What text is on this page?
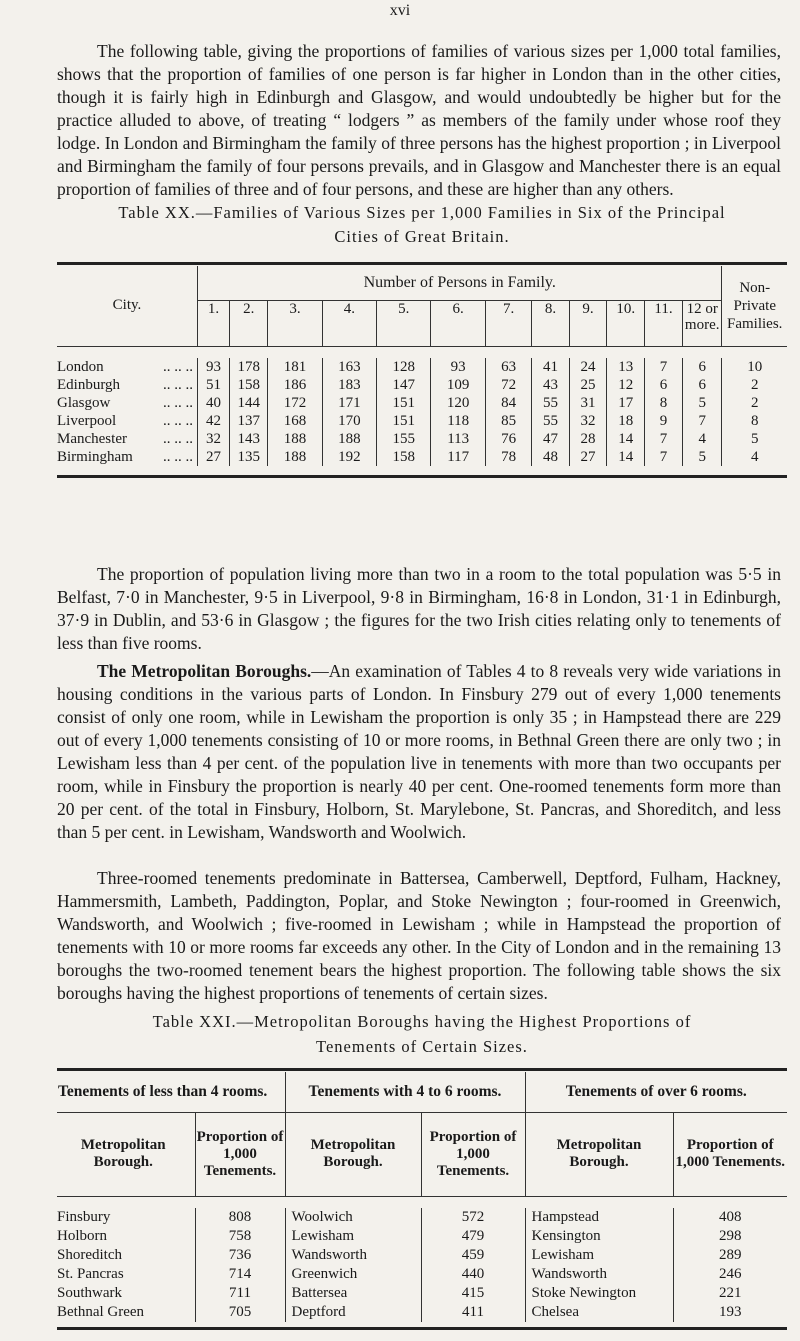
xvi

The following table, giving the proportions of families of various sizes per 1,000 total families, shows that the proportion of families of one person is far higher in London than in the other cities, though it is fairly high in Edinburgh and Glasgow, and would undoubtedly be higher but for the practice alluded to above, of treating “ lodgers ” as members of the family under whose roof they lodge. In London and Birmingham the family of three persons has the highest proportion ; in Liverpool and Birmingham the family of four persons prevails, and in Glasgow and Manchester there is an equal proportion of families of three and of four persons, and these are higher than any others.

Table XX.—Families of Various Sizes per 1,000 Families in Six of the Principal
Cities of Great Britain.
City.	Number of Persons in Family.												Non-Private Families.
	1.	2.	3.	4.	5.	6.	7.	8.	9.	10.	11.	12 or more.	

London .. .. ..	93	178	181	163	128	93	63	41	24	13	7	6	10
Edinburgh .. .. ..	51	158	186	183	147	109	72	43	25	12	6	6	2
Glasgow .. .. ..	40	144	172	171	151	120	84	55	31	17	8	5	2
Liverpool .. .. ..	42	137	168	170	151	118	85	55	32	18	9	7	8
Manchester .. .. ..	32	143	188	188	155	113	76	47	28	14	7	4	5
Birmingham .. .. ..	27	135	188	192	158	117	78	48	27	14	7	5	4

The proportion of population living more than two in a room to the total population was 5·5 in Belfast, 7·0 in Manchester, 9·5 in Liverpool, 9·8 in Birmingham, 16·8 in London, 31·1 in Edinburgh, 37·9 in Dublin, and 53·6 in Glasgow ; the figures for the two Irish cities relating only to tenements of less than five rooms.

The Metropolitan Boroughs.—An examination of Tables 4 to 8 reveals very wide variations in housing conditions in the various parts of London. In Finsbury 279 out of every 1,000 tenements consist of only one room, while in Lewisham the proportion is only 35 ; in Hampstead there are 229 out of every 1,000 tenements consisting of 10 or more rooms, in Bethnal Green there are only two ; in Lewisham less than 4 per cent. of the population live in tenements with more than two occupants per room, while in Finsbury the proportion is nearly 40 per cent. One-roomed tenements form more than 20 per cent. of the total in Finsbury, Holborn, St. Marylebone, St. Pancras, and Shoreditch, and less than 5 per cent. in Lewisham, Wandsworth and Woolwich.

Three-roomed tenements predominate in Battersea, Camberwell, Deptford, Fulham, Hackney, Hammersmith, Lambeth, Paddington, Poplar, and Stoke Newington ; four-roomed in Greenwich, Wandsworth, and Woolwich ; five-roomed in Lewisham ; while in Hampstead the proportion of tenements with 10 or more rooms far exceeds any other. In the City of London and in the remaining 13 boroughs the two-roomed tenement bears the highest proportion. The following table shows the six boroughs having the highest proportions of tenements of certain sizes.

Table XXI.—Metropolitan Boroughs having the Highest Proportions of
Tenements of Certain Sizes.
Tenements of less than 4 rooms.		Tenements with 4 to 6 rooms.		Tenements of over 6 rooms.	
Metropolitan Borough.	Proportion of 1,000 Tenements.	Metropolitan Borough.	Proportion of 1,000 Tenements.	Metropolitan Borough.	Proportion of 1,000 Tenements.

Finsbury	808	Woolwich	572	Hampstead	408
Holborn	758	Lewisham	479	Kensington	298
Shoreditch	736	Wandsworth	459	Lewisham	289
St. Pancras	714	Greenwich	440	Wandsworth	246
Southwark	711	Battersea	415	Stoke Newington	221
Bethnal Green	705	Deptford	411	Chelsea	193
